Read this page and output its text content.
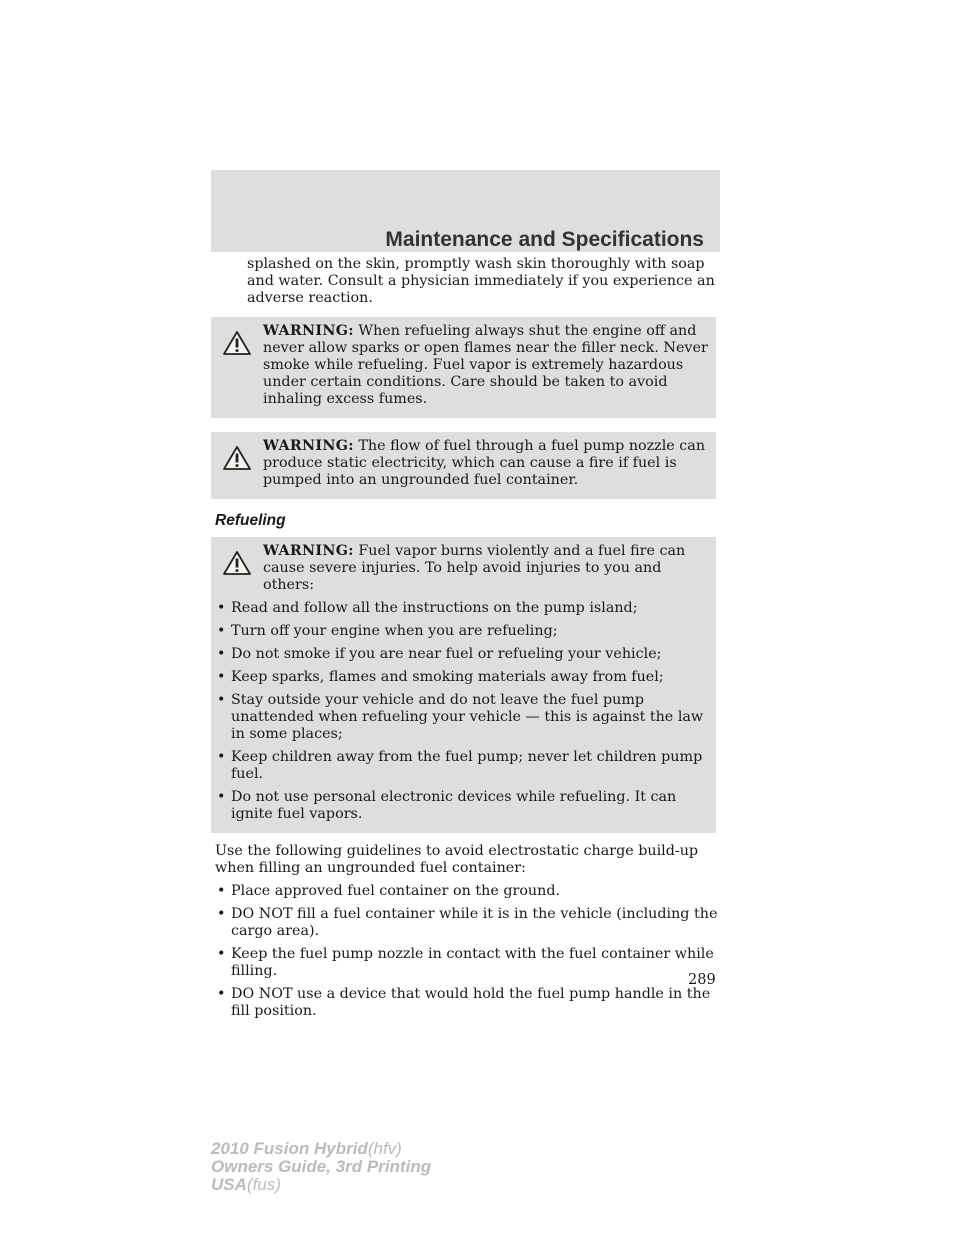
Maintenance and Specifications

splashed on the skin, promptly wash skin thoroughly with soap and water. Consult a physician immediately if you experience an adverse reaction.

WARNING: When refueling always shut the engine off and never allow sparks or open flames near the filler neck. Never smoke while refueling. Fuel vapor is extremely hazardous under certain conditions. Care should be taken to avoid inhaling excess fumes.

WARNING: The flow of fuel through a fuel pump nozzle can produce static electricity, which can cause a fire if fuel is pumped into an ungrounded fuel container.

Refueling

WARNING: Fuel vapor burns violently and a fuel fire can cause severe injuries. To help avoid injuries to you and others:

• Read and follow all the instructions on the pump island;
• Turn off your engine when you are refueling;
• Do not smoke if you are near fuel or refueling your vehicle;
• Keep sparks, flames and smoking materials away from fuel;
• Stay outside your vehicle and do not leave the fuel pump unattended when refueling your vehicle — this is against the law in some places;
• Keep children away from the fuel pump; never let children pump fuel.
• Do not use personal electronic devices while refueling. It can ignite fuel vapors.

Use the following guidelines to avoid electrostatic charge build-up when filling an ungrounded fuel container:

• Place approved fuel container on the ground.
• DO NOT fill a fuel container while it is in the vehicle (including the cargo area).
• Keep the fuel pump nozzle in contact with the fuel container while filling.
• DO NOT use a device that would hold the fuel pump handle in the fill position.
289
2010 Fusion Hybrid(hfv)
Owners Guide, 3rd Printing
USA(fus)
